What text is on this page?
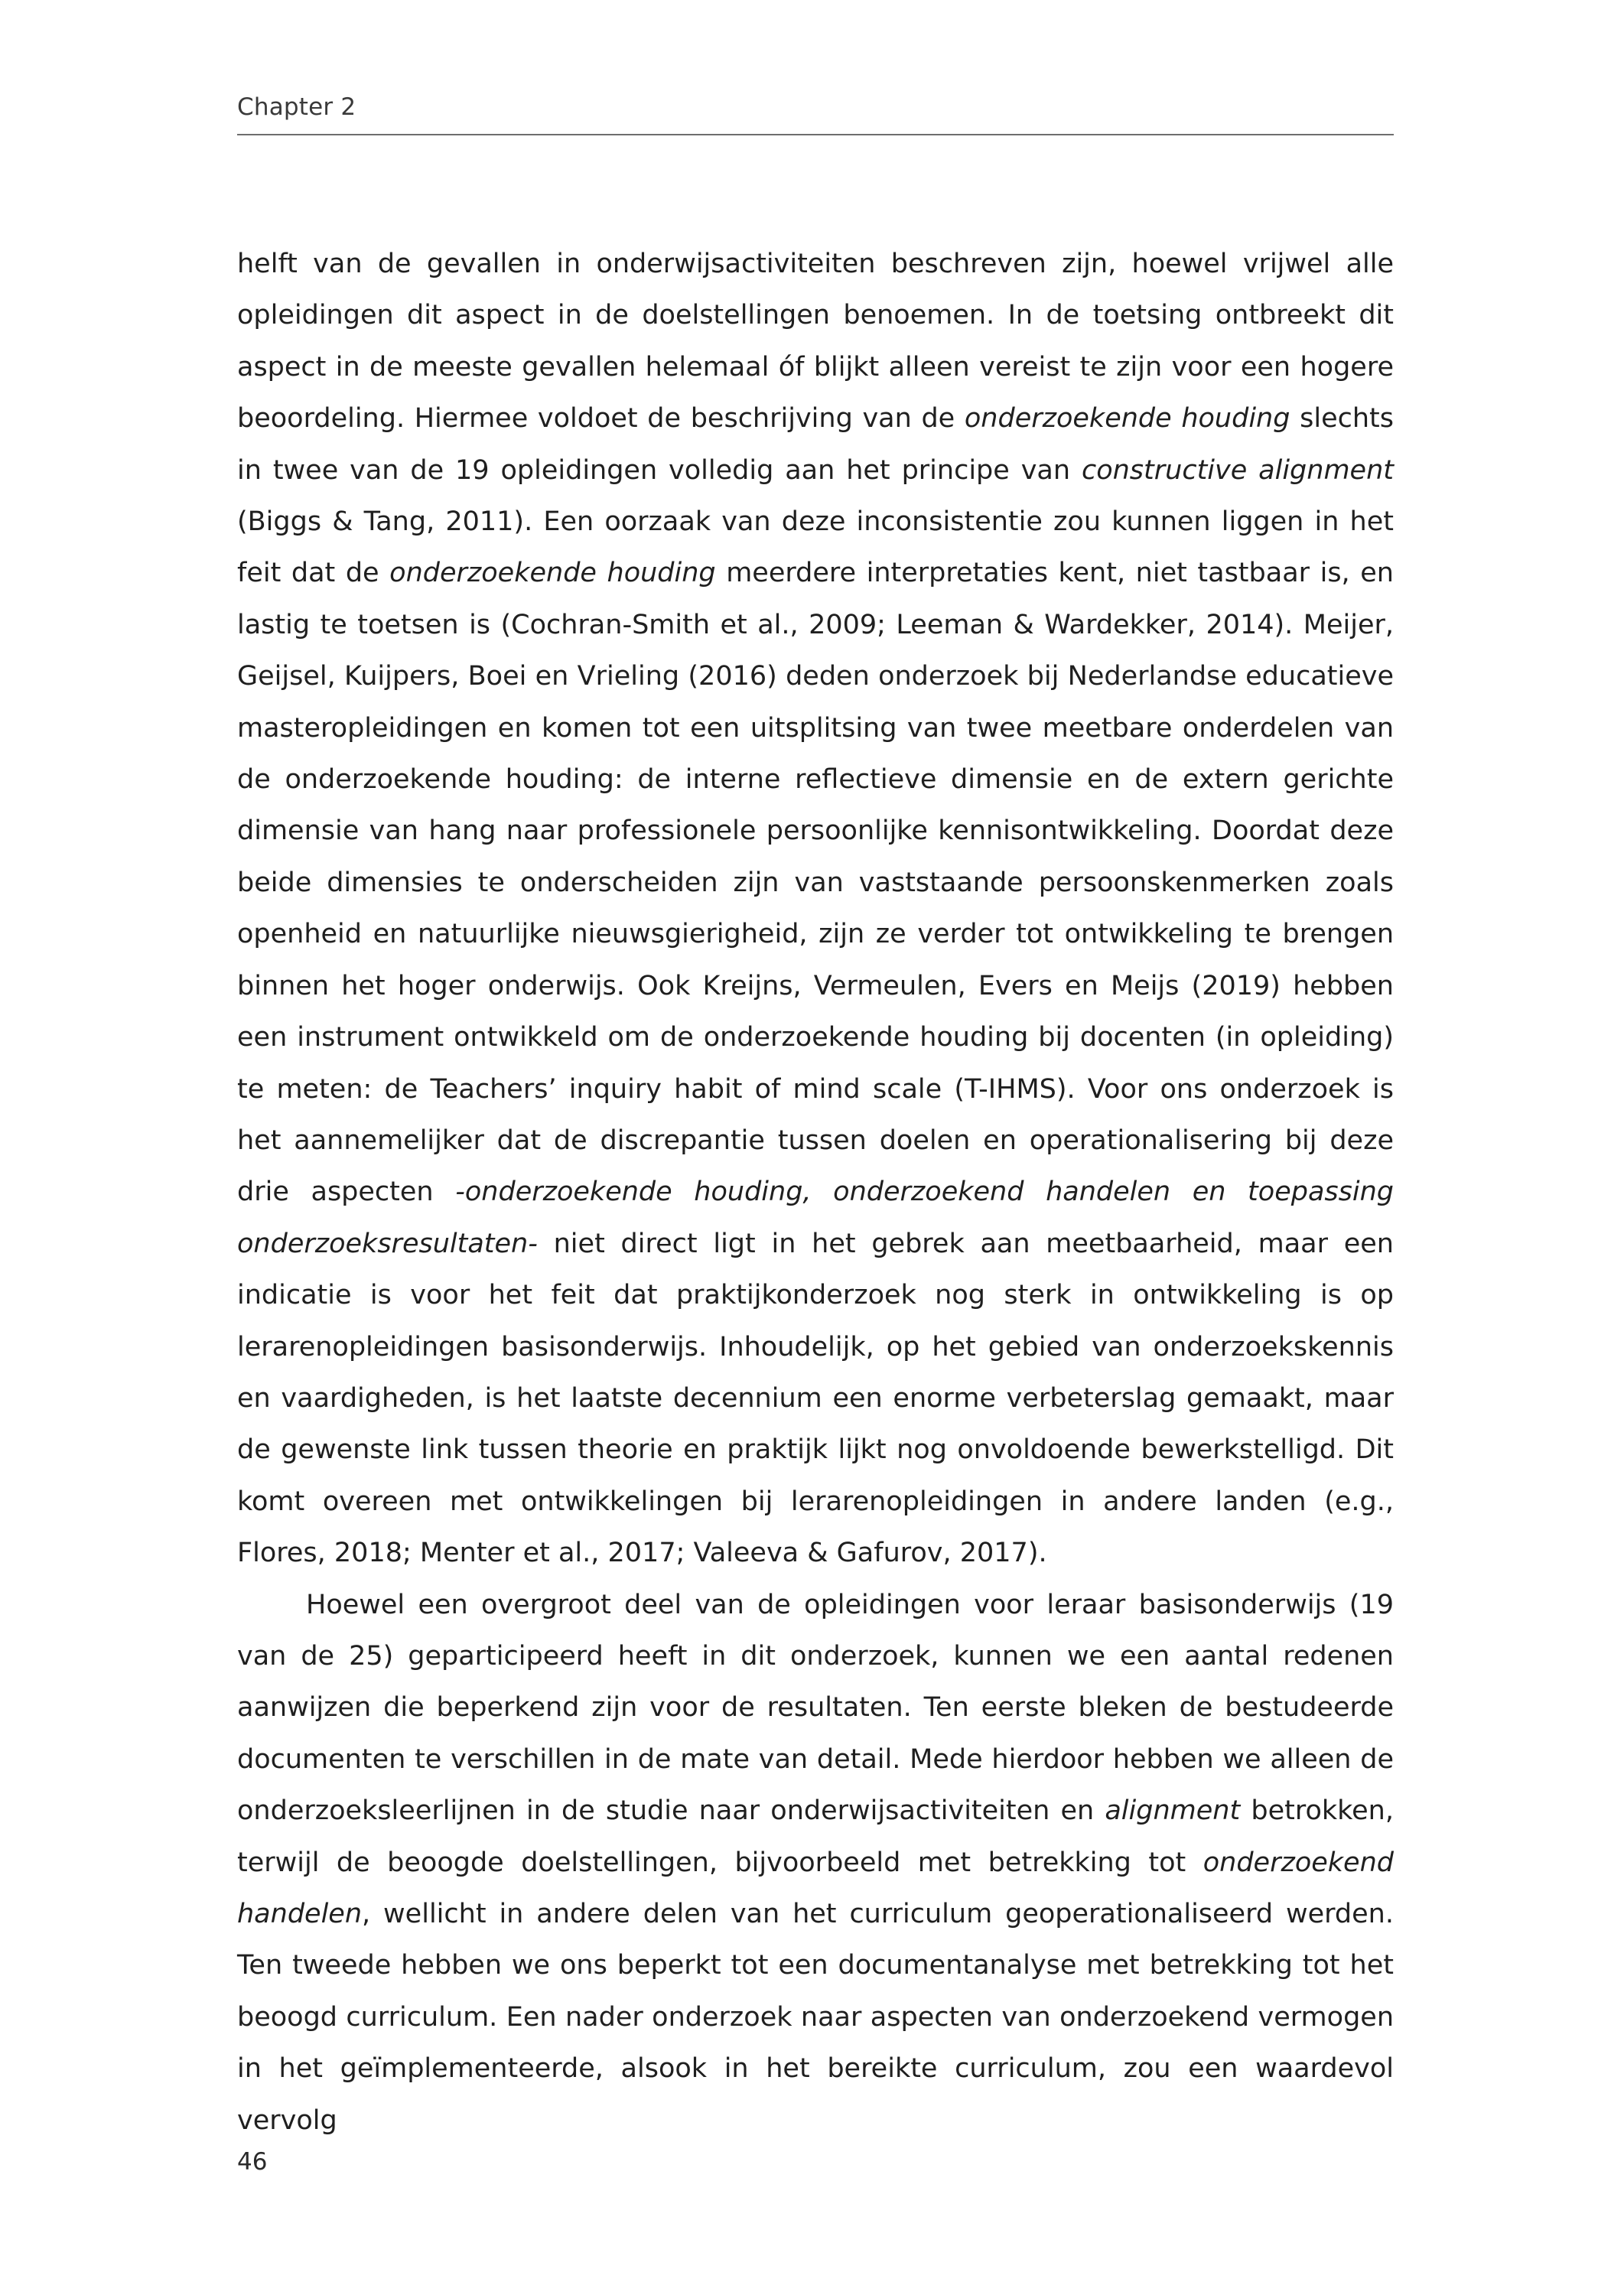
Chapter 2

helft van de gevallen in onderwijsactiviteiten beschreven zijn, hoewel vrijwel alle opleidingen dit aspect in de doelstellingen benoemen. In de toetsing ontbreekt dit aspect in de meeste gevallen helemaal óf blijkt alleen vereist te zijn voor een hogere beoordeling. Hiermee voldoet de beschrijving van de onderzoekende houding slechts in twee van de 19 opleidingen volledig aan het principe van constructive alignment (Biggs & Tang, 2011). Een oorzaak van deze inconsistentie zou kunnen liggen in het feit dat de onderzoekende houding meerdere interpretaties kent, niet tastbaar is, en lastig te toetsen is (Cochran-Smith et al., 2009; Leeman & Wardekker, 2014). Meijer, Geijsel, Kuijpers, Boei en Vrieling (2016) deden onderzoek bij Nederlandse educatieve masteropleidingen en komen tot een uitsplitsing van twee meetbare onderdelen van de onderzoekende houding: de interne reflectieve dimensie en de extern gerichte dimensie van hang naar professionele persoonlijke kennisontwikkeling. Doordat deze beide dimensies te onderscheiden zijn van vaststaande persoonskenmerken zoals openheid en natuurlijke nieuwsgierigheid, zijn ze verder tot ontwikkeling te brengen binnen het hoger onderwijs. Ook Kreijns, Vermeulen, Evers en Meijs (2019) hebben een instrument ontwikkeld om de onderzoekende houding bij docenten (in opleiding) te meten: de Teachers’ inquiry habit of mind scale (T-IHMS). Voor ons onderzoek is het aannemelijker dat de discrepantie tussen doelen en operationalisering bij deze drie aspecten -onderzoekende houding, onderzoekend handelen en toepassing onderzoeksresultaten- niet direct ligt in het gebrek aan meetbaarheid, maar een indicatie is voor het feit dat praktijkonderzoek nog sterk in ontwikkeling is op lerarenopleidingen basisonderwijs. Inhoudelijk, op het gebied van onderzoekskennis en vaardigheden, is het laatste decennium een enorme verbeterslag gemaakt, maar de gewenste link tussen theorie en praktijk lijkt nog onvoldoende bewerkstelligd. Dit komt overeen met ontwikkelingen bij lerarenopleidingen in andere landen (e.g., Flores, 2018; Menter et al., 2017; Valeeva & Gafurov, 2017).

Hoewel een overgroot deel van de opleidingen voor leraar basisonderwijs (19 van de 25) geparticipeerd heeft in dit onderzoek, kunnen we een aantal redenen aanwijzen die beperkend zijn voor de resultaten. Ten eerste bleken de bestudeerde documenten te verschillen in de mate van detail. Mede hierdoor hebben we alleen de onderzoeksleerlijnen in de studie naar onderwijsactiviteiten en alignment betrokken, terwijl de beoogde doelstellingen, bijvoorbeeld met betrekking tot onderzoekend handelen, wellicht in andere delen van het curriculum geoperationaliseerd werden. Ten tweede hebben we ons beperkt tot een documentanalyse met betrekking tot het beoogd curriculum. Een nader onderzoek naar aspecten van onderzoekend vermogen in het geïmplementeerde, alsook in het bereikte curriculum, zou een waardevol vervolg

46
